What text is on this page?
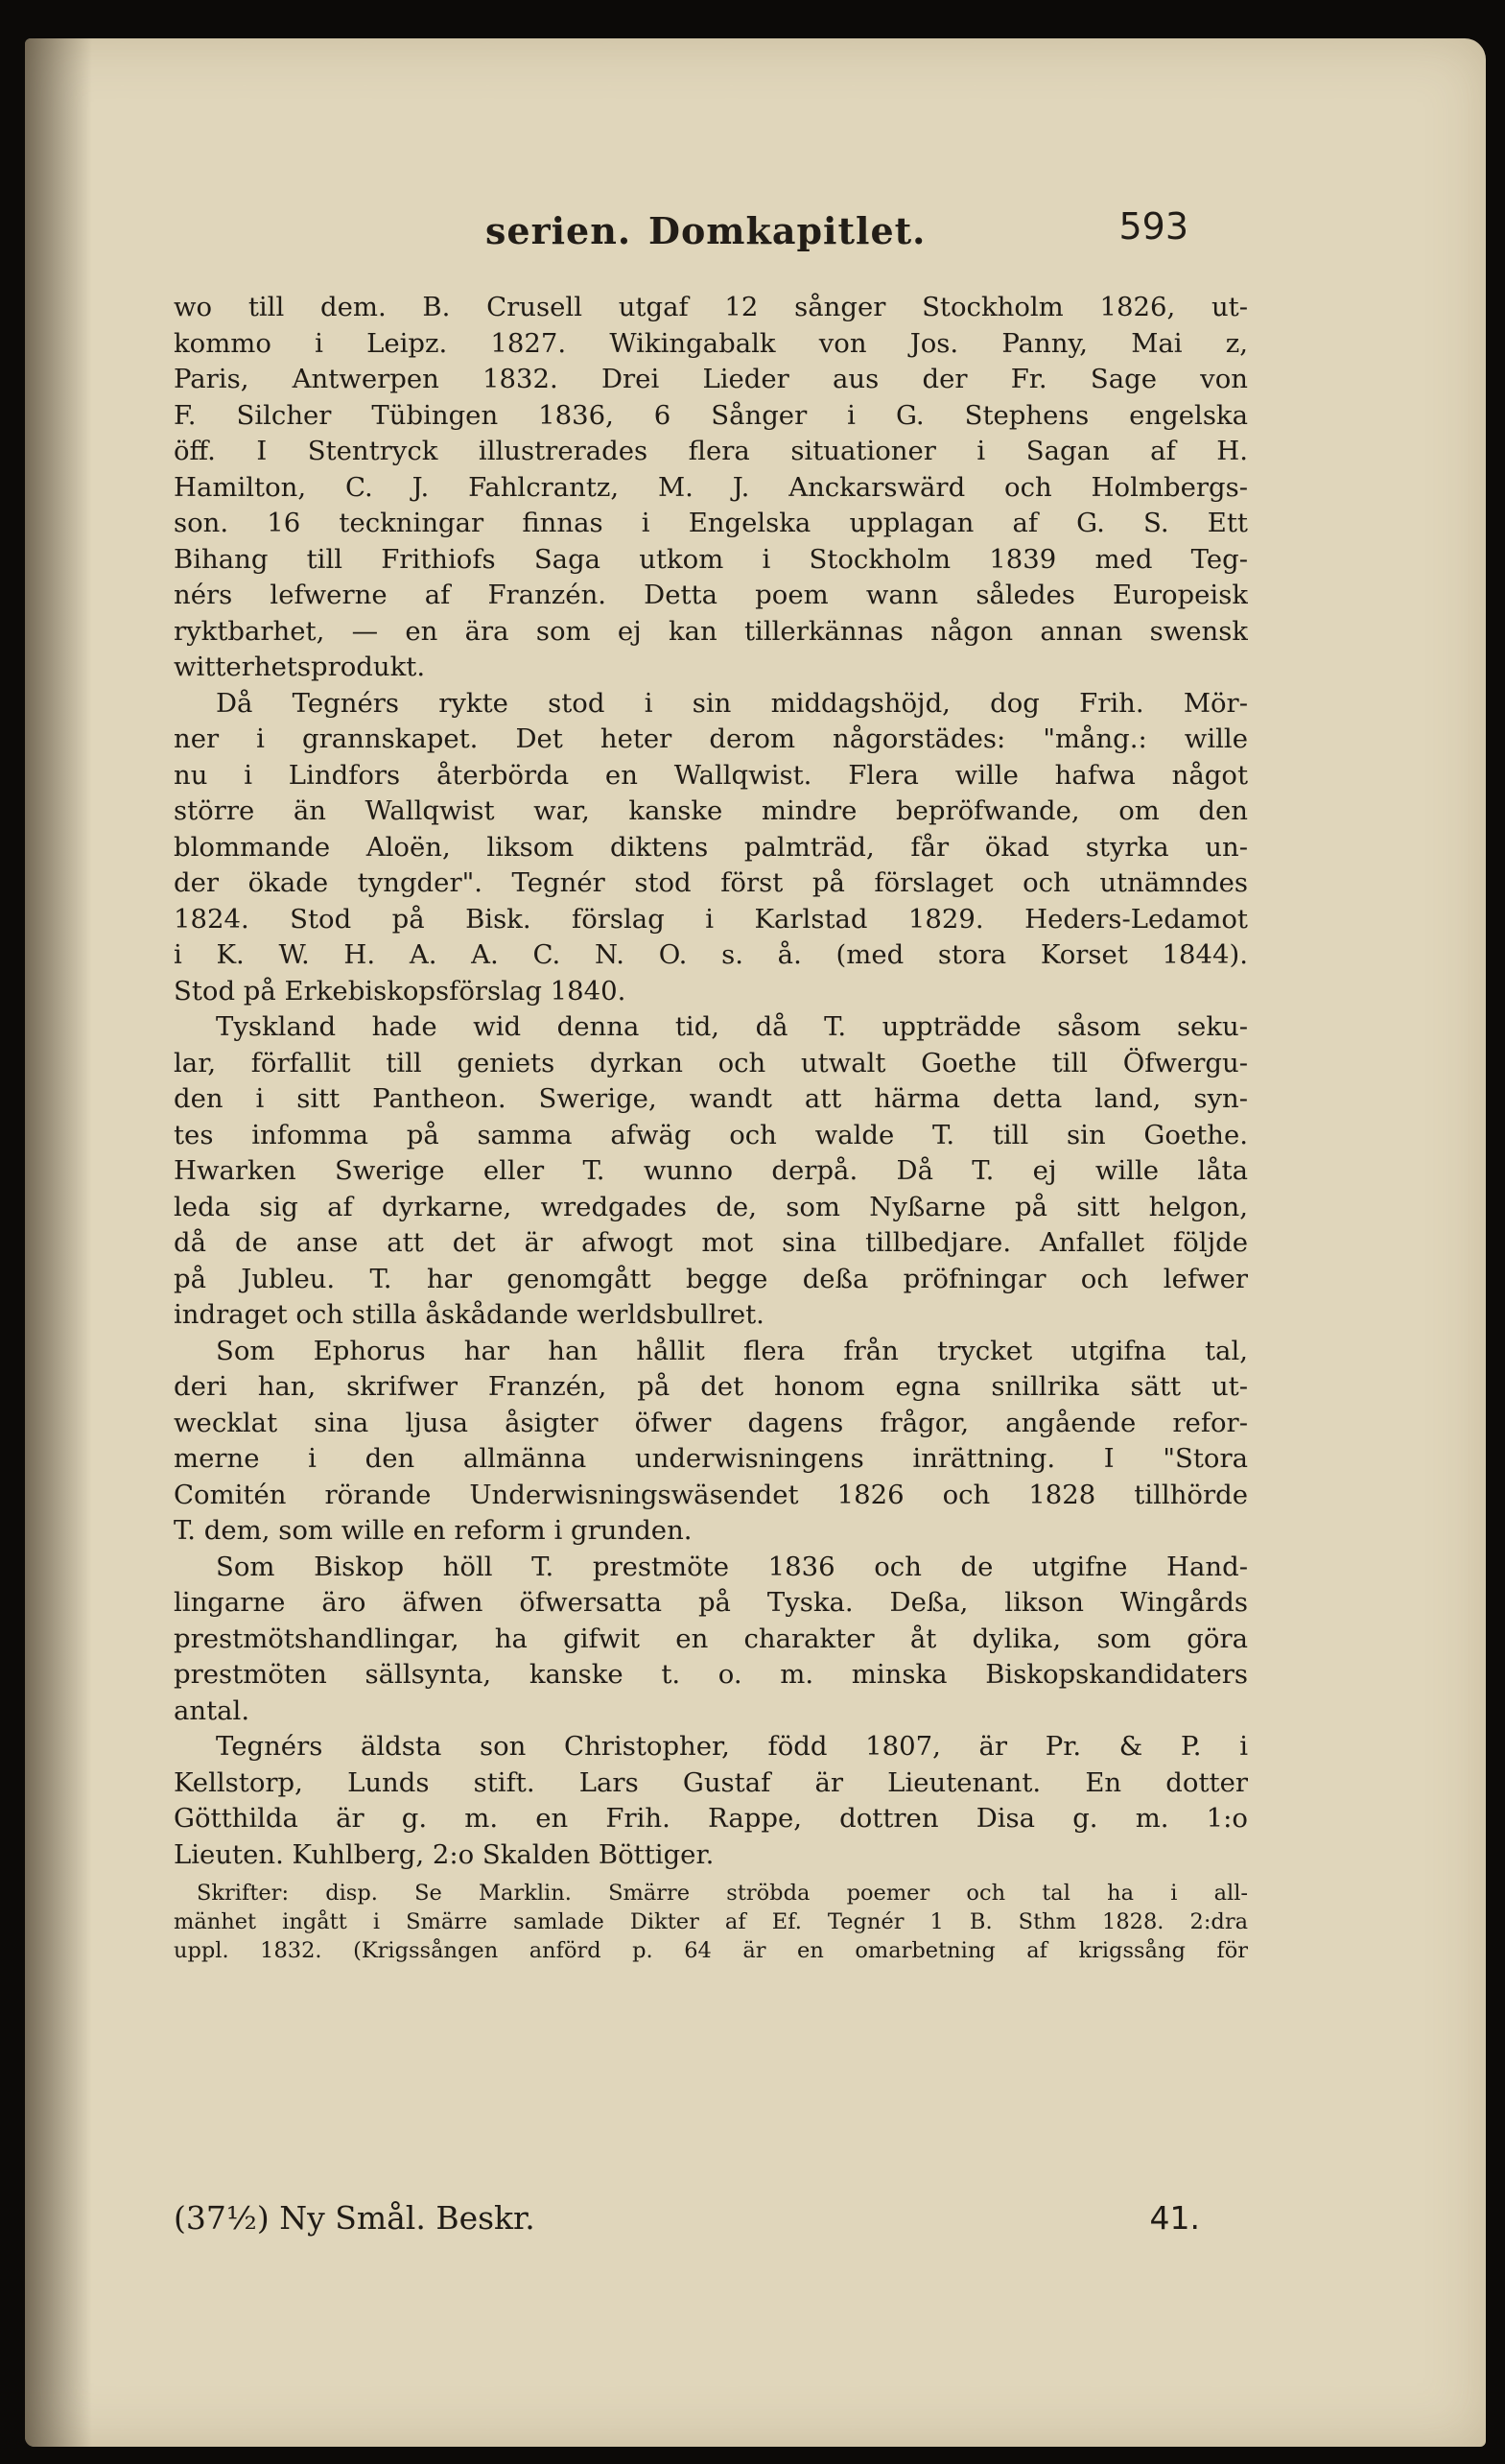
serien. Domkapitlet.	593
wo till dem. B. Crusell utgaf 12 sånger Stockholm 1826, ut-
kommo i Leipz. 1827. Wikingabalk von Jos. Panny, Mai z,
Paris, Antwerpen 1832. Drei Lieder aus der Fr. Sage von
F. Silcher Tübingen 1836, 6 Sånger i G. Stephens engelska
öff. I Stentryck illustrerades flera situationer i Sagan af H.
Hamilton, C. J. Fahlcrantz, M. J. Anckarswärd och Holmbergs-
son. 16 teckningar finnas i Engelska upplagan af G. S. Ett
Bihang till Frithiofs Saga utkom i Stockholm 1839 med Teg-
nérs lefwerne af Franzén. Detta poem wann således Europeisk
ryktbarhet, — en ära som ej kan tillerkännas någon annan swensk
witterhetsprodukt.
Då Tegnérs rykte stod i sin middagshöjd, dog Frih. Mör-
ner i grannskapet. Det heter derom någorstädes: "mång.: wille
nu i Lindfors återbörda en Wallqwist. Flera wille hafwa något
större än Wallqwist war, kanske mindre bepröfwande, om den
blommande Aloën, liksom diktens palmträd, får ökad styrka un-
der ökade tyngder". Tegnér stod först på förslaget och utnämndes
1824. Stod på Bisk. förslag i Karlstad 1829. Heders-Ledamot
i K. W. H. A. A. C. N. O. s. å. (med stora Korset 1844).
Stod på Erkebiskopsförslag 1840.
Tyskland hade wid denna tid, då T. uppträdde såsom seku-
lar, förfallit till geniets dyrkan och utwalt Goethe till Öfwergu-
den i sitt Pantheon. Swerige, wandt att härma detta land, syn-
tes infomma på samma afwäg och walde T. till sin Goethe.
Hwarken Swerige eller T. wunno derpå. Då T. ej wille låta
leda sig af dyrkarne, wredgades de, som Nyßarne på sitt helgon,
då de anse att det är afwogt mot sina tillbedjare. Anfallet följde
på Jubleu. T. har genomgått begge deßa pröfningar och lefwer
indraget och stilla åskådande werldsbullret.
Som Ephorus har han hållit flera från trycket utgifna tal,
deri han, skrifwer Franzén, på det honom egna snillrika sätt ut-
wecklat sina ljusa åsigter öfwer dagens frågor, angående refor-
merne i den allmänna underwisningens inrättning. I "Stora
Comitén rörande Underwisningswäsendet 1826 och 1828 tillhörde
T. dem, som wille en reform i grunden.
Som Biskop höll T. prestmöte 1836 och de utgifne Hand-
lingarne äro äfwen öfwersatta på Tyska. Deßa, likson Wingårds
prestmötshandlingar, ha gifwit en charakter åt dylika, som göra
prestmöten sällsynta, kanske t. o. m. minska Biskopskandidaters
antal.
Tegnérs äldsta son Christopher, född 1807, är Pr. & P. i
Kellstorp, Lunds stift. Lars Gustaf är Lieutenant. En dotter
Götthilda är g. m. en Frih. Rappe, dottren Disa g. m. 1:o
Lieuten. Kuhlberg, 2:o Skalden Böttiger.
Skrifter: disp. Se Marklin. Smärre ströbda poemer och tal ha i all-
mänhet ingått i Smärre samlade Dikter af Ef. Tegnér 1 B. Sthm 1828. 2:dra
uppl. 1832. (Krigssången anförd p. 64 är en omarbetning af krigssång för
(37½) Ny Smål. Beskr.	41.
